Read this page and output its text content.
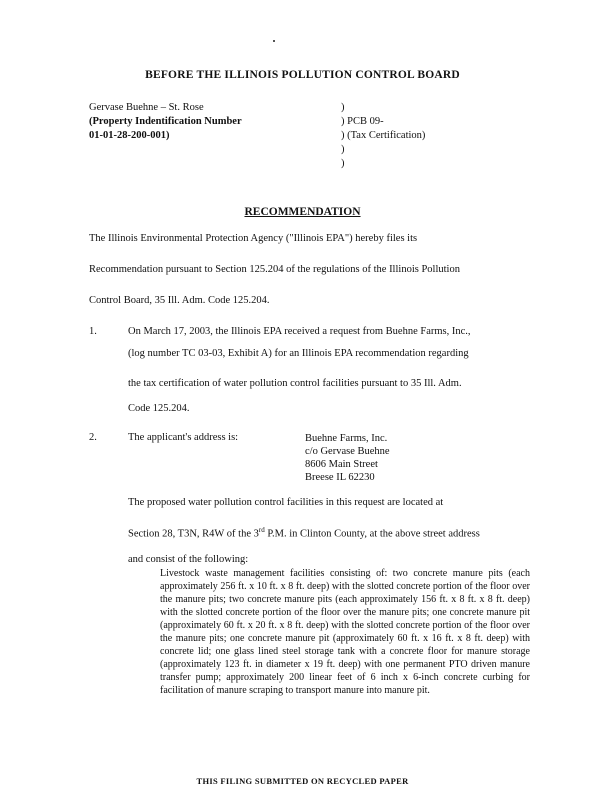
BEFORE THE ILLINOIS POLLUTION CONTROL BOARD
Gervase Buehne – St. Rose
(Property Indentification Number
01-01-28-200-001)
)
) PCB 09-
) (Tax Certification)
)
)
RECOMMENDATION
The Illinois Environmental Protection Agency ("Illinois EPA") hereby files its
Recommendation pursuant to Section 125.204 of the regulations of the Illinois Pollution
Control Board, 35 Ill. Adm. Code 125.204.
1.	On March 17, 2003, the Illinois EPA received a request from Buehne Farms, Inc.,
(log number TC 03-03, Exhibit A) for an Illinois EPA recommendation regarding
the tax certification of water pollution control facilities pursuant to 35 Ill. Adm.
Code 125.204.
2.	The applicant's address is:	Buehne Farms, Inc.
c/o Gervase Buehne
8606 Main Street
Breese IL 62230
The proposed water pollution control facilities in this request are located at
Section 28, T3N, R4W of the 3rd P.M. in Clinton County, at the above street address
and consist of the following:
Livestock waste management facilities consisting of: two concrete manure pits (each approximately 256 ft. x 10 ft. x 8 ft. deep) with the slotted concrete portion of the floor over the manure pits; two concrete manure pits (each approximately 156 ft. x 8 ft. x 8 ft. deep) with the slotted concrete portion of the floor over the manure pits; one concrete manure pit (approximately 60 ft. x 20 ft. x 8 ft. deep) with the slotted concrete portion of the floor over the manure pits; one concrete manure pit (approximately 60 ft. x 16 ft. x 8 ft. deep) with concrete lid; one glass lined steel storage tank with a concrete floor for manure storage (approximately 123 ft. in diameter x 19 ft. deep) with one permanent PTO driven manure transfer pump; approximately 200 linear feet of 6 inch x 6-inch concrete curbing for facilitation of manure scraping to transport manure into manure pit.
THIS FILING SUBMITTED ON RECYCLED PAPER
